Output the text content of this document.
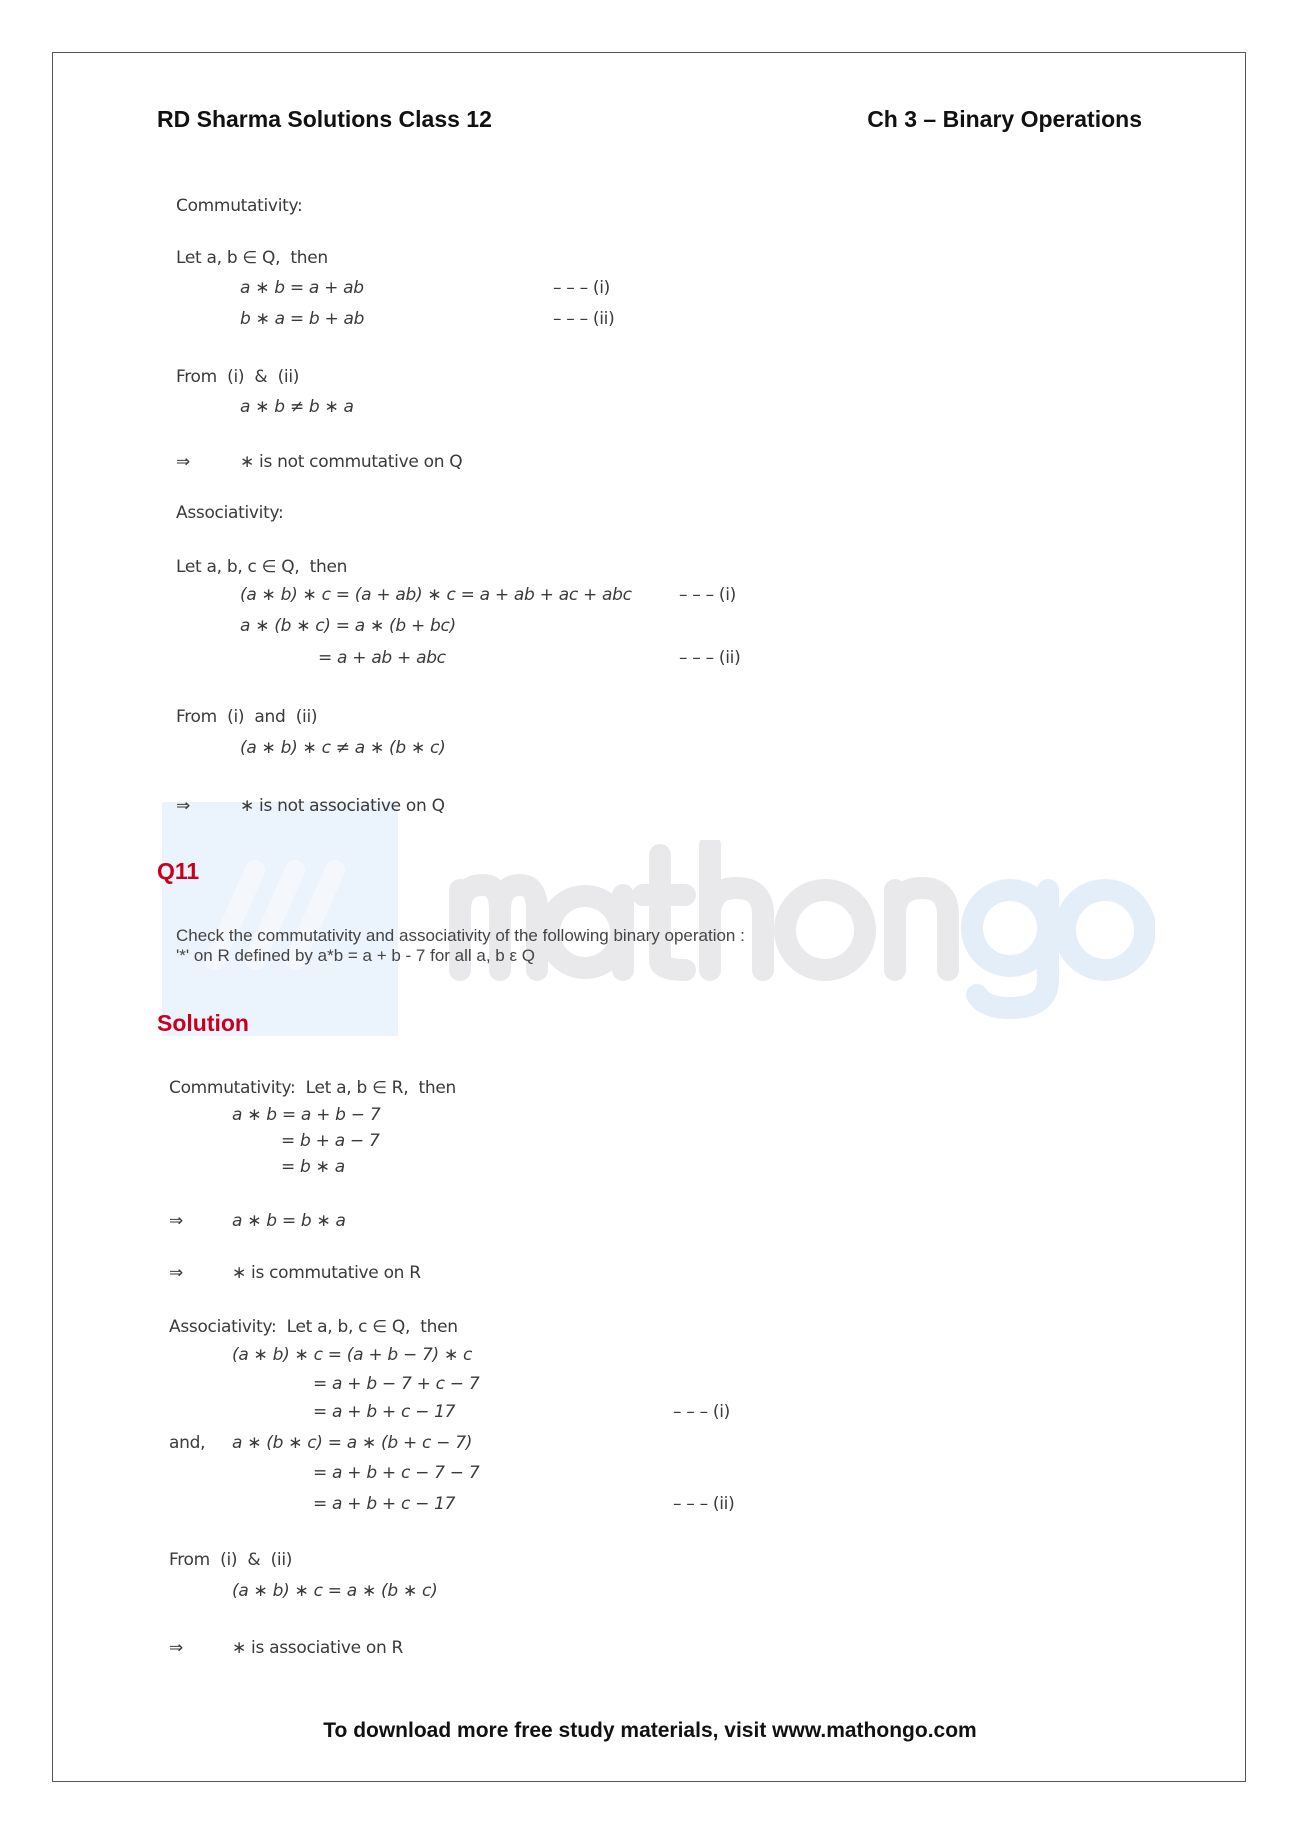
RD Sharma Solutions Class 12	Ch 3 – Binary Operations
Commutativity:
Let a, b ∈ Q,  then
a ∗ b = a + ab	– – – (i)
b ∗ a = b + ab	– – – (ii)
From  (i)  &  (ii)
a ∗ b ≠ b ∗ a
⇒	∗ is not commutative on Q
Associativity:
Let a, b, c ∈ Q,  then
(a ∗ b) ∗ c = (a + ab) ∗ c = a + ab + ac + abc	– – – (i)
a ∗ (b ∗ c) = a ∗ (b + bc)
= a + ab + abc	– – – (ii)
From  (i)  and  (ii)
(a ∗ b) ∗ c ≠ a ∗ (b ∗ c)
⇒	∗ is not associative on Q
Q11
Check the commutativity and associativity of the following binary operation :
'*' on R defined by a*b = a + b - 7 for all a, b ε Q
Solution
Commutativity:  Let a, b ∈ R,  then
a ∗ b = a + b − 7
= b + a − 7
= b ∗ a
⇒	a ∗ b = b ∗ a
⇒	∗ is commutative on R
Associativity:  Let a, b, c ∈ Q,  then
(a ∗ b) ∗ c = (a + b − 7) ∗ c
= a + b − 7 + c − 7
= a + b + c − 17	– – – (i)
and, a ∗ (b ∗ c) = a ∗ (b + c − 7)
= a + b + c − 7 − 7
= a + b + c − 17	– – – (ii)
From  (i)  &  (ii)
(a ∗ b) ∗ c = a ∗ (b ∗ c)
⇒	∗ is associative on R
To download more free study materials, visit www.mathongo.com
